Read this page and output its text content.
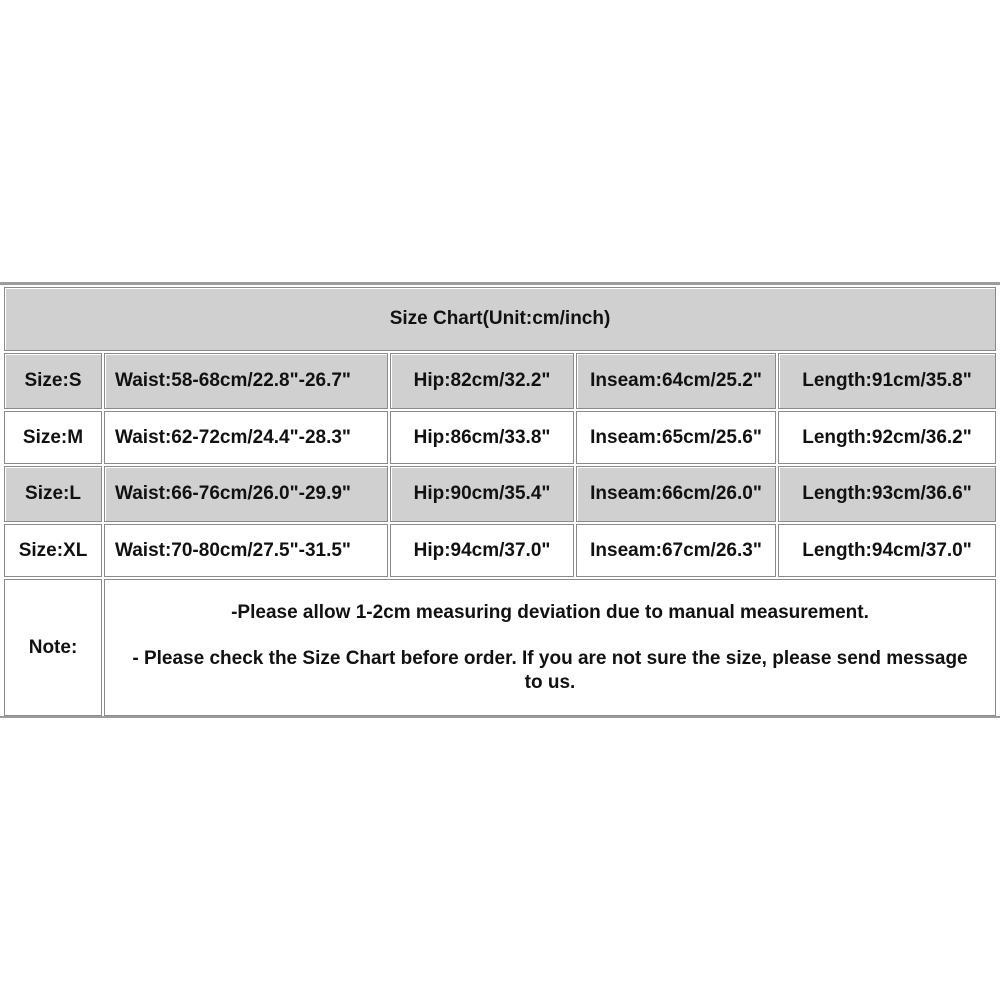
Size Chart(Unit:cm/inch)
Size:S	Waist:58-68cm/22.8"-26.7"	Hip:82cm/32.2"	Inseam:64cm/25.2"	Length:91cm/35.8"
Size:M	Waist:62-72cm/24.4"-28.3"	Hip:86cm/33.8"	Inseam:65cm/25.6"	Length:92cm/36.2"
Size:L	Waist:66-76cm/26.0"-29.9"	Hip:90cm/35.4"	Inseam:66cm/26.0"	Length:93cm/36.6"
Size:XL	Waist:70-80cm/27.5"-31.5"	Hip:94cm/37.0"	Inseam:67cm/26.3"	Length:94cm/37.0"
Note:

-Please allow 1-2cm measuring deviation due to manual measurement.

- Please check the Size Chart before order. If you are not sure the size, please send message to us.
